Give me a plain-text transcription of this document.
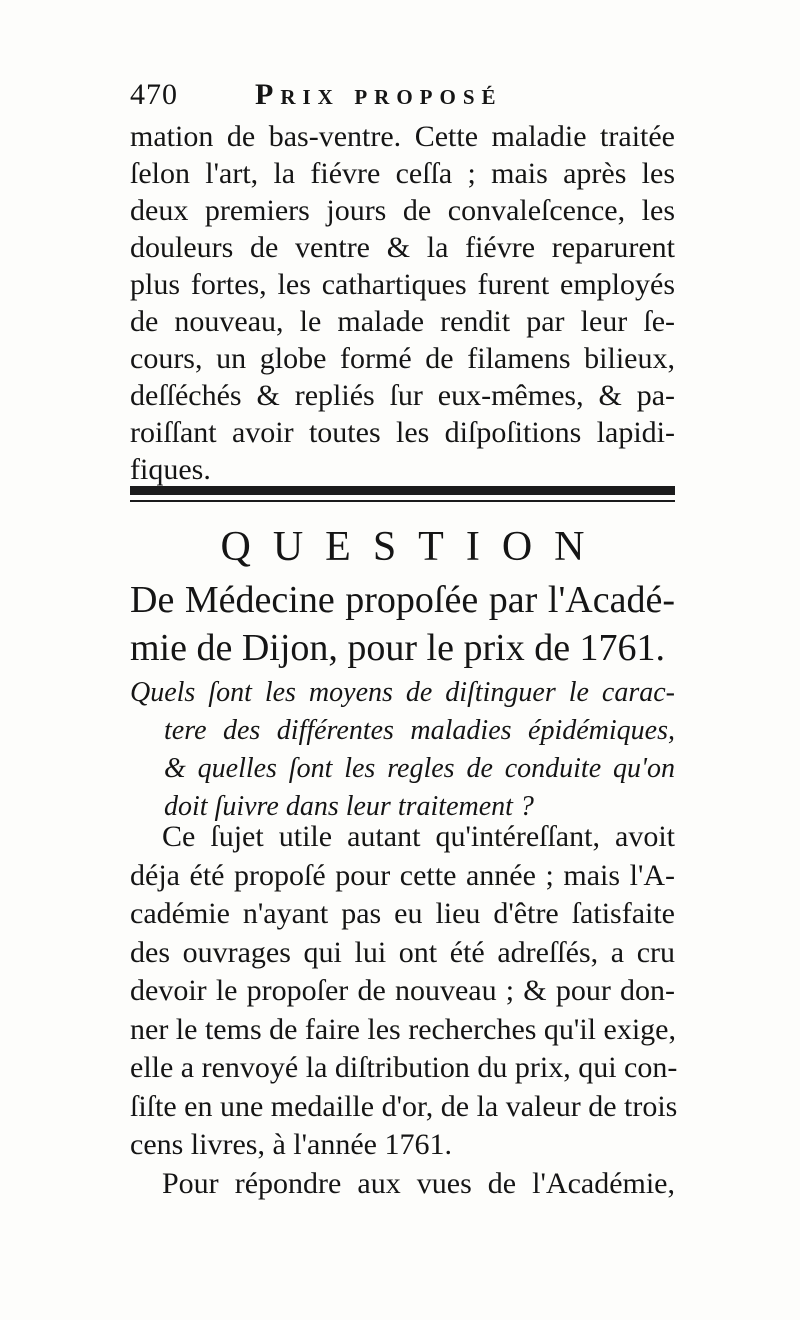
470	Prix proposé
mation de bas-ventre. Cette maladie traitée
ſelon l'art, la fiévre ceſſa ; mais après les
deux premiers jours de convaleſcence, les
douleurs de ventre & la fiévre reparurent
plus fortes, les cathartiques furent employés
de nouveau, le malade rendit par leur ſe-
cours, un globe formé de filamens bilieux,
deſſéchés & repliés ſur eux-mêmes, & pa-
roiſſant avoir toutes les diſpoſitions lapidi-
fiques.
QUESTION
De Médecine propoſée par l'Acadé-
mie de Dijon, pour le prix de 1761.
Quels ſont les moyens de diſtinguer le carac-
tere des différentes maladies épidémiques,
& quelles ſont les regles de conduite qu'on
doit ſuivre dans leur traitement ?
Ce ſujet utile autant qu'intéreſſant, avoit
déja été propoſé pour cette année ; mais l'A-
cadémie n'ayant pas eu lieu d'être ſatisfaite
des ouvrages qui lui ont été adreſſés, a cru
devoir le propoſer de nouveau ; & pour don-
ner le tems de faire les recherches qu'il exige,
elle a renvoyé la diſtribution du prix, qui con-
ſiſte en une medaille d'or, de la valeur de trois
cens livres, à l'année 1761.
Pour répondre aux vues de l'Académie,
